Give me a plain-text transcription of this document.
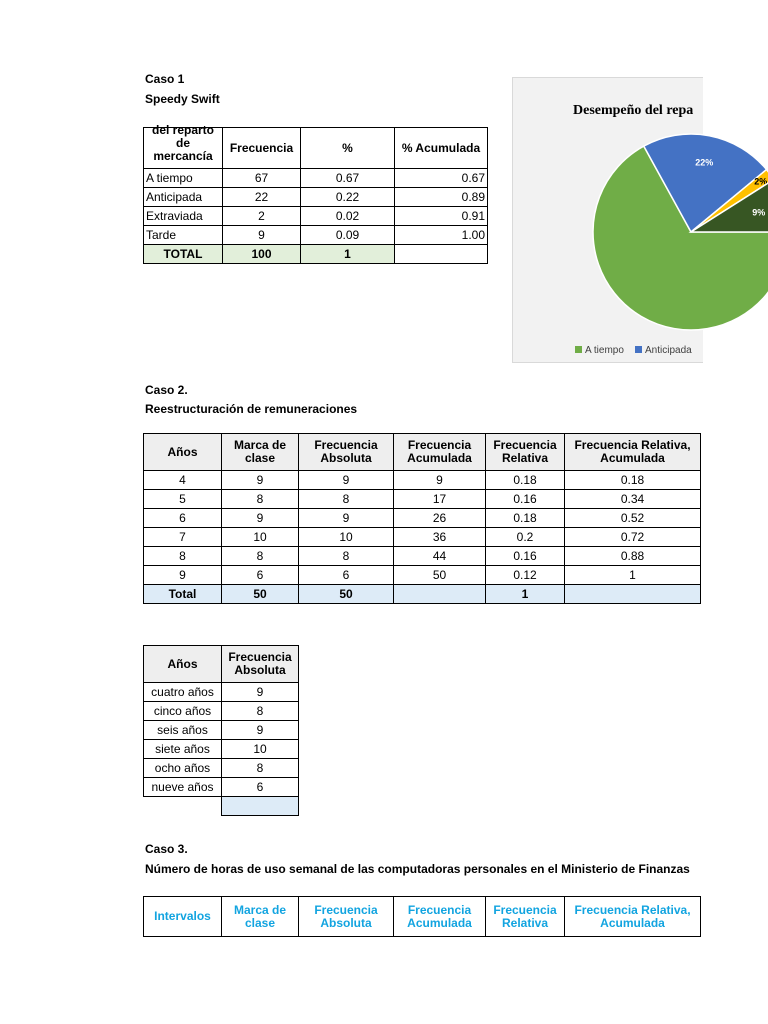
Caso 1
Speedy Swift
del reparto de mercancía	Frecuencia	%	% Acumulada
A tiempo	67	0.67	0.67
Anticipada	22	0.22	0.89
Extraviada	2	0.02	0.91
Tarde	9	0.09	1.00
TOTAL	100	1	
Desempeño del repa
22%
2%
9%
A tiempo	Anticipada
Caso 2.
Reestructuración de remuneraciones
Años	Marca de clase	Frecuencia Absoluta	Frecuencia Acumulada	Frecuencia Relativa	Frecuencia Relativa, Acumulada
4	9	9	9	0.18	0.18
5	8	8	17	0.16	0.34
6	9	9	26	0.18	0.52
7	10	10	36	0.2	0.72
8	8	8	44	0.16	0.88
9	6	6	50	0.12	1
Total	50	50		1	
Años	Frecuencia Absoluta
cuatro años	9
cinco años	8
seis años	9
siete años	10
ocho años	8
nueve años	6

Caso 3.
Número de horas de uso semanal de las computadoras personales en el Ministerio de Finanzas
Intervalos	Marca de clase	Frecuencia Absoluta	Frecuencia Acumulada	Frecuencia Relativa	Frecuencia Relativa, Acumulada
